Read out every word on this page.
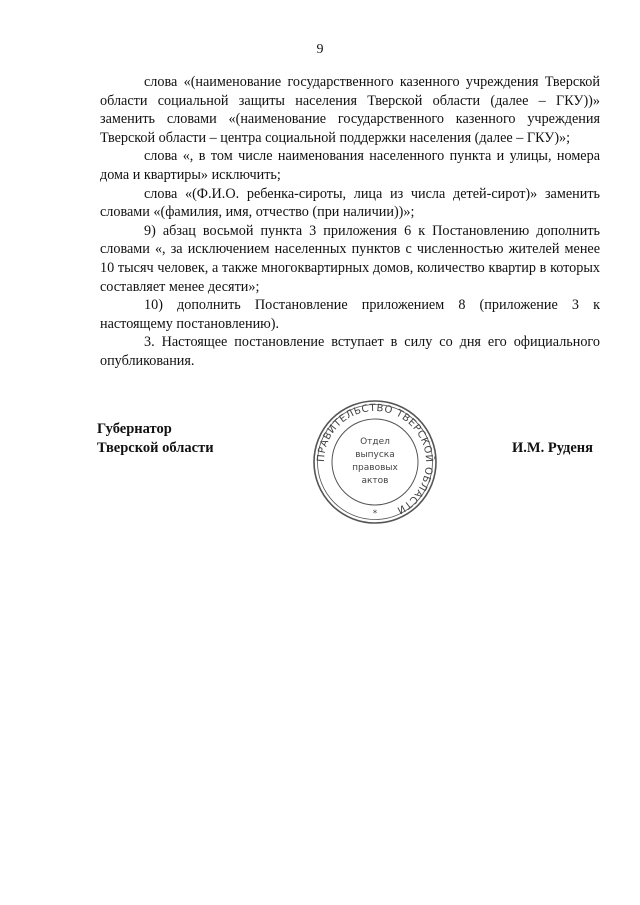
9

слова «(наименование государственного казенного учреждения Тверской области социальной защиты населения Тверской области (далее – ГКУ))» заменить словами «(наименование государственного казенного учреждения Тверской области – центра социальной поддержки населения (далее – ГКУ)»;

слова «, в том числе наименования населенного пункта и улицы, номера дома и квартиры» исключить;

слова «(Ф.И.О. ребенка-сироты, лица из числа детей-сирот)» заменить словами «(фамилия, имя, отчество (при наличии))»;

9) абзац восьмой пункта 3 приложения 6 к Постановлению дополнить словами «, за исключением населенных пунктов с численностью жителей менее 10 тысяч человек, а также многоквартирных домов, количество квартир в которых составляет менее десяти»;

10) дополнить Постановление приложением 8 (приложение 3 к настоящему постановлению).

3. Настоящее постановление вступает в силу со дня его официального опубликования.

Губернатор
Тверской области
ПРАВИТЕЛЬСТВО ТВЕРСКОЙ ОБЛАСТИ
Отдел
выпуска
правовых
актов
*
И.М. Руденя
